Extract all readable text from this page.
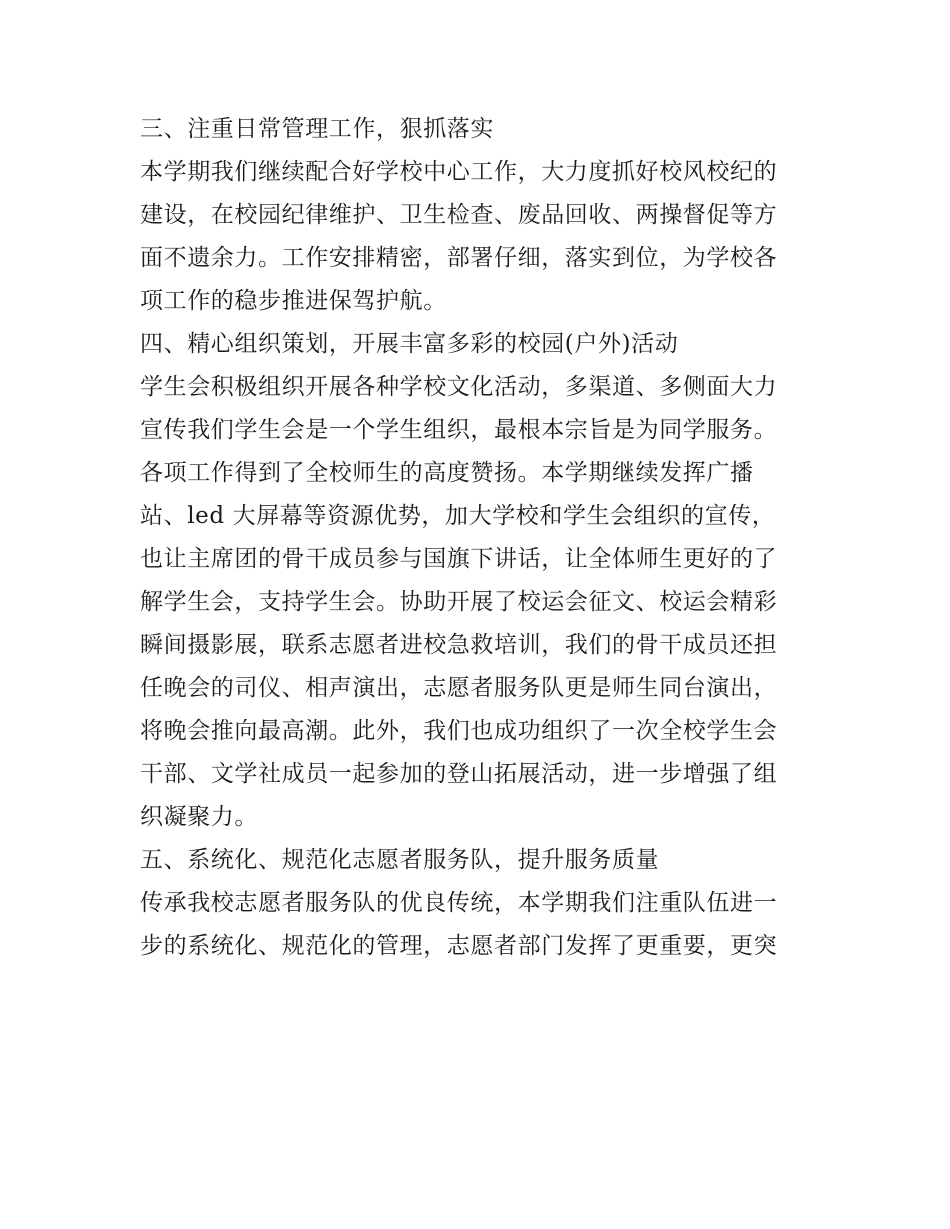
三、注重日常管理工作，狠抓落实
本学期我们继续配合好学校中心工作，大力度抓好校风校纪的
建设，在校园纪律维护、卫生检查、废品回收、两操督促等方
面不遗余力。工作安排精密，部署仔细，落实到位，为学校各
项工作的稳步推进保驾护航。
四、精心组织策划，开展丰富多彩的校园(户外)活动
学生会积极组织开展各种学校文化活动，多渠道、多侧面大力
宣传我们学生会是一个学生组织，最根本宗旨是为同学服务。
各项工作得到了全校师生的高度赞扬。本学期继续发挥广播
站、led 大屏幕等资源优势，加大学校和学生会组织的宣传，
也让主席团的骨干成员参与国旗下讲话，让全体师生更好的了
解学生会，支持学生会。协助开展了校运会征文、校运会精彩
瞬间摄影展，联系志愿者进校急救培训，我们的骨干成员还担
任晚会的司仪、相声演出，志愿者服务队更是师生同台演出，
将晚会推向最高潮。此外，我们也成功组织了一次全校学生会
干部、文学社成员一起参加的登山拓展活动，进一步增强了组
织凝聚力。
五、系统化、规范化志愿者服务队，提升服务质量
传承我校志愿者服务队的优良传统，本学期我们注重队伍进一
步的系统化、规范化的管理，志愿者部门发挥了更重要，更突
